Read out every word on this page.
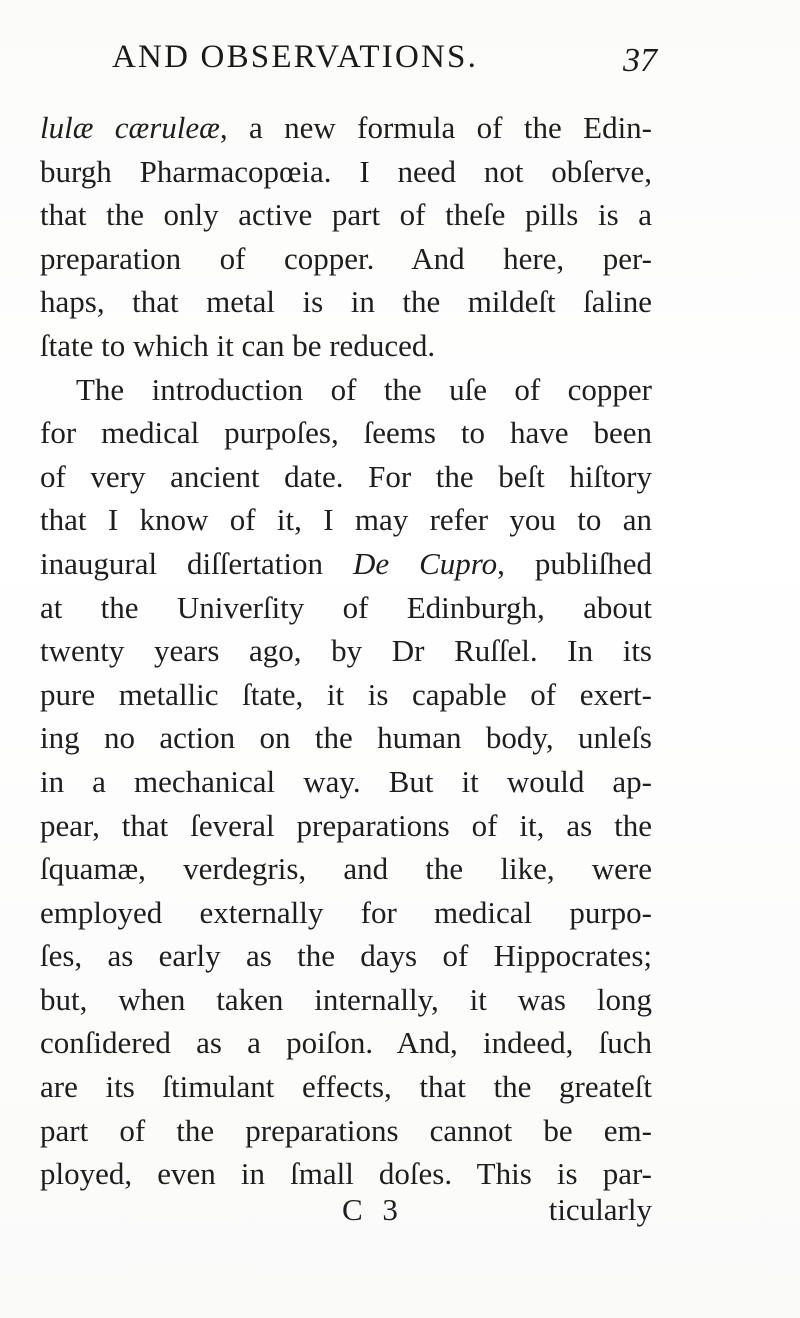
AND OBSERVATIONS.	37
lulæ cæruleæ, a new formula of the Edin-
burgh Pharmacopœia. I need not obſerve,
that the only active part of theſe pills is a
preparation of copper. And here, per-
haps, that metal is in the mildeſt ſaline
ſtate to which it can be reduced.
The introduction of the uſe of copper
for medical purpoſes, ſeems to have been
of very ancient date. For the beſt hiſtory
that I know of it, I may refer you to an
inaugural diſſertation De Cupro, publiſhed
at the Univerſity of Edinburgh, about
twenty years ago, by Dr Ruſſel. In its
pure metallic ſtate, it is capable of exert-
ing no action on the human body, unleſs
in a mechanical way. But it would ap-
pear, that ſeveral preparations of it, as the
ſquamæ, verdegris, and the like, were
employed externally for medical purpo-
ſes, as early as the days of Hippocrates;
but, when taken internally, it was long
conſidered as a poiſon. And, indeed, ſuch
are its ſtimulant effects, that the greateſt
part of the preparations cannot be em-
ployed, even in ſmall doſes. This is par-
C 3	ticularly
